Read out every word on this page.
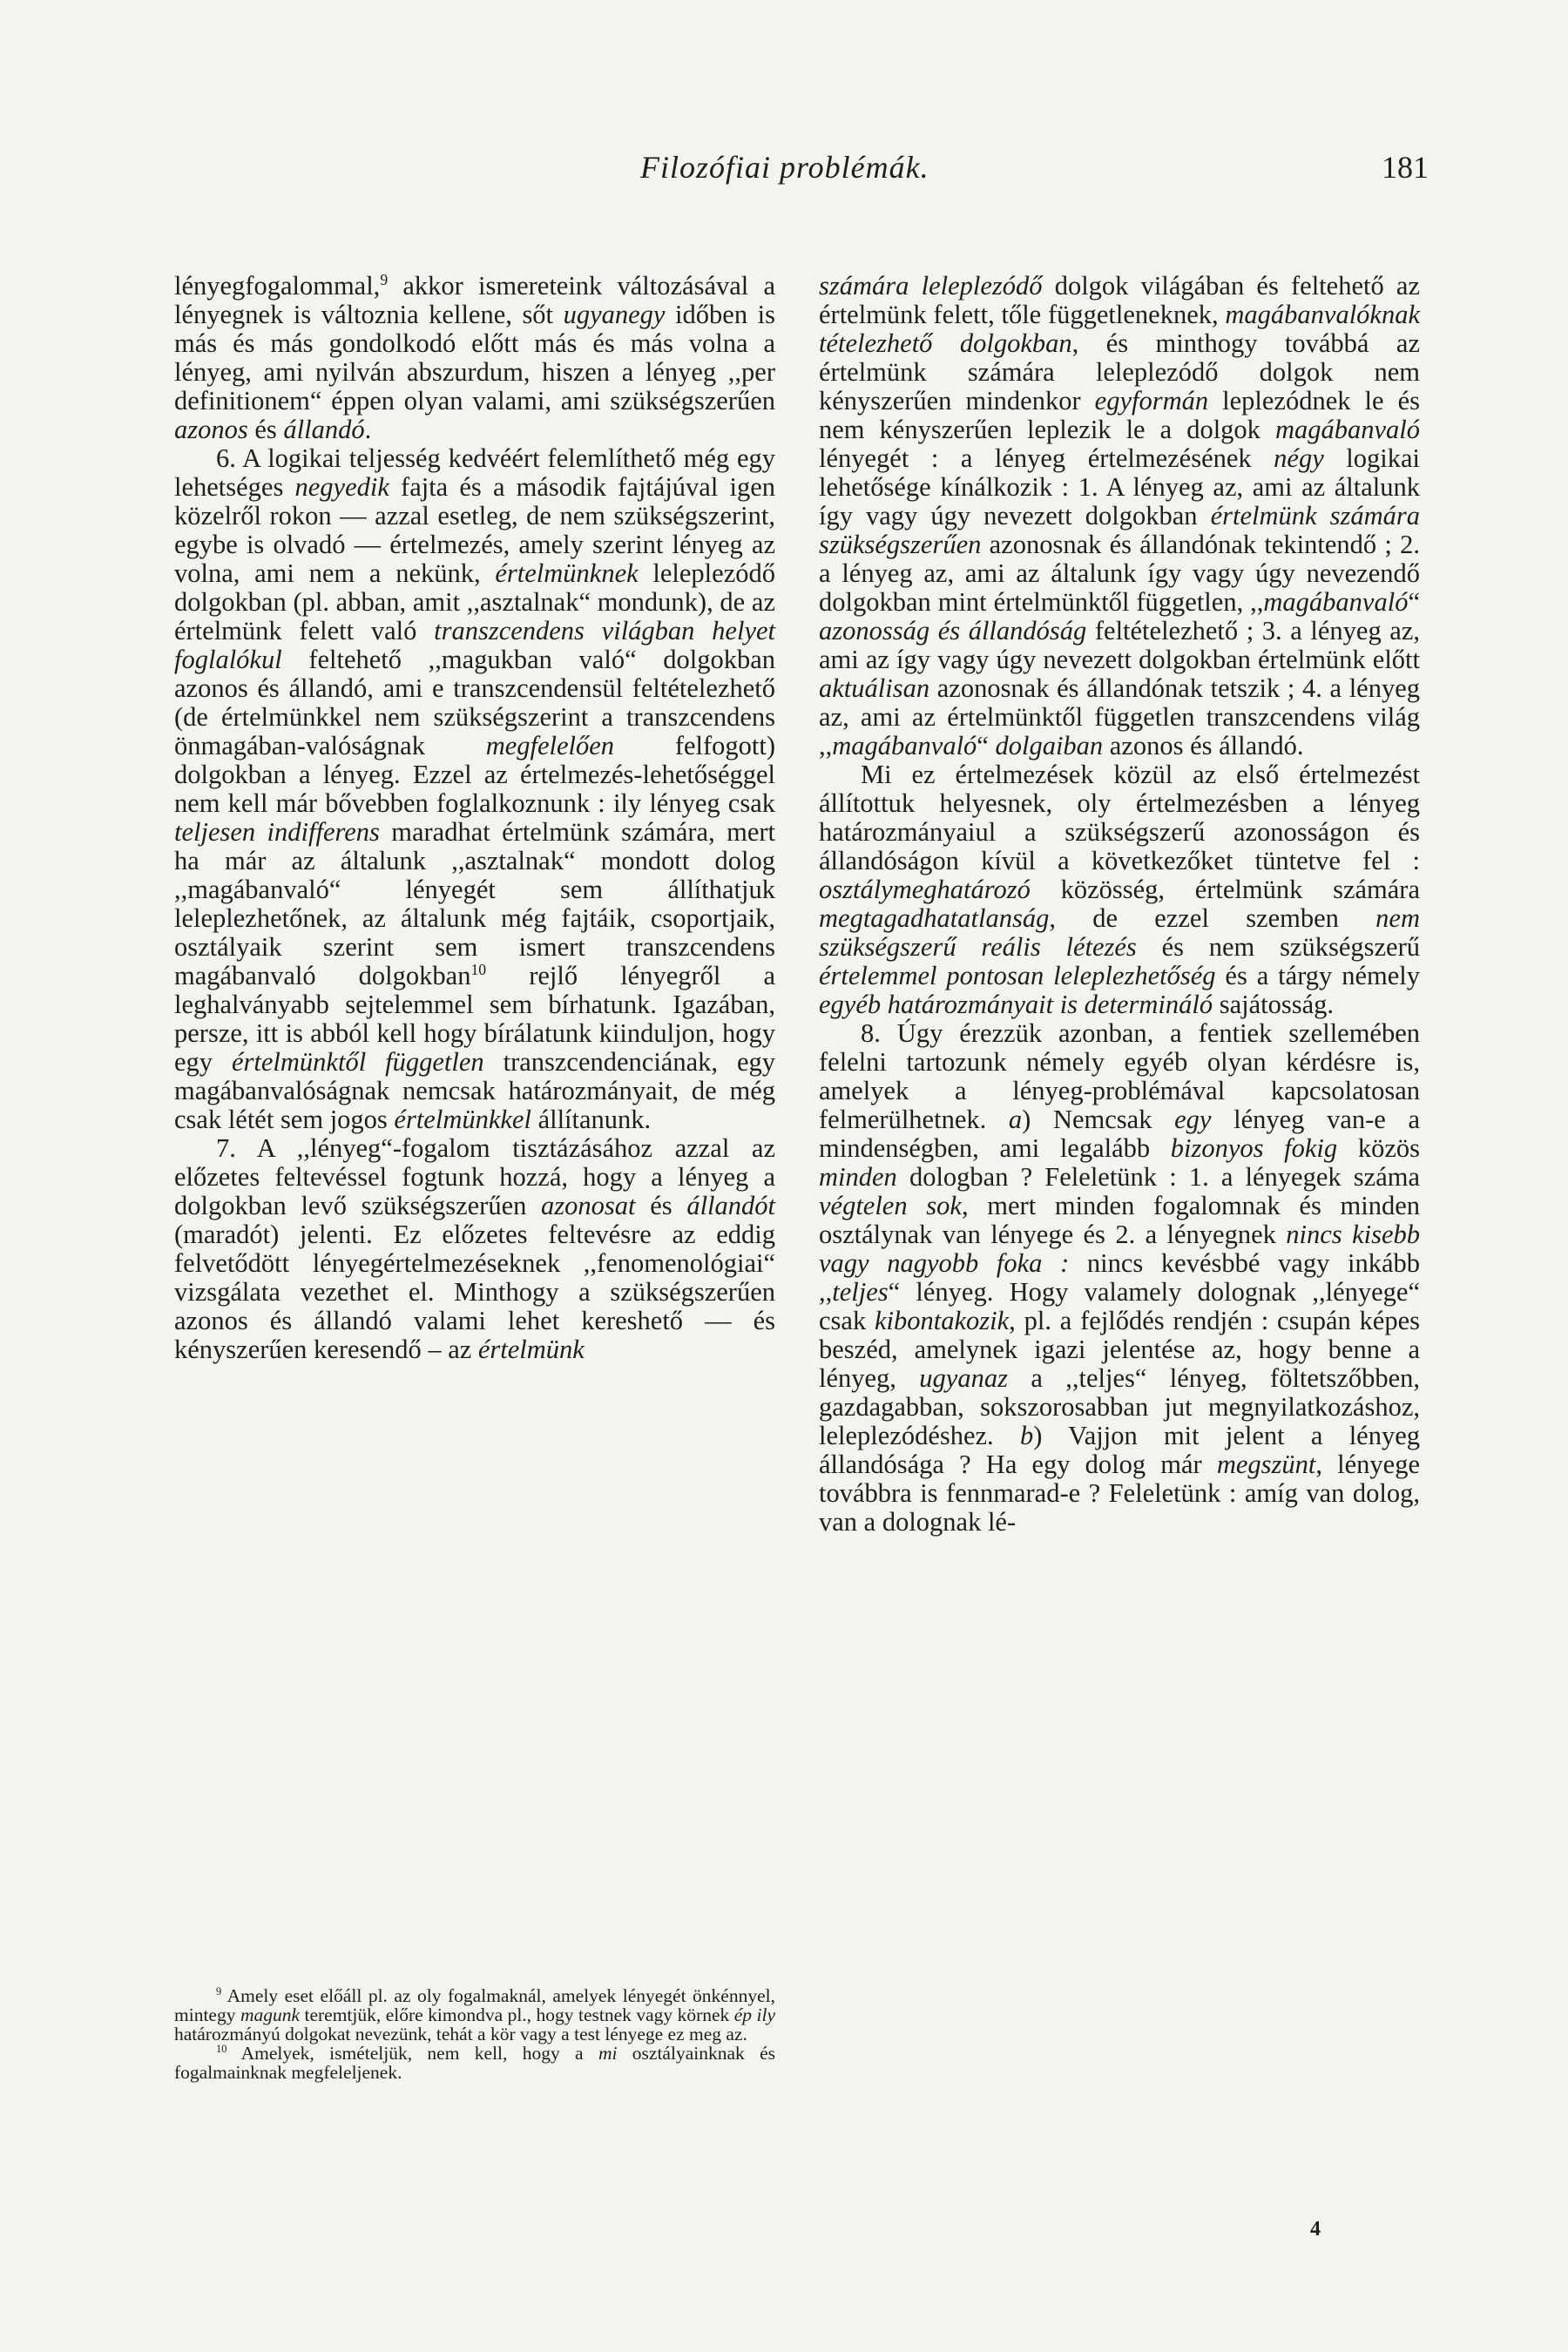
Filozófiai problémák.	181

lényegfogalommal,$^9$ akkor ismereteink változásával a lényegnek is változnia kellene, sőt ugyanegy időben is más és más gondolkodó előtt más és más volna a lényeg, ami nyilván abszurdum, hiszen a lényeg ,,per definitionem“ éppen olyan valami, ami szükségszerűen azonos és állandó.

6. A logikai teljesség kedvéért felemlíthető még egy lehetséges negyedik fajta és a második fajtájúval igen közelről rokon — azzal esetleg, de nem szükségszerint, egybe is olvadó — értelmezés, amely szerint lényeg az volna, ami nem a nekünk, értelmünknek leleplezódő dolgokban (pl. abban, amit ,,asztalnak“ mondunk), de az értelmünk felett való transzcendens világban helyet foglalókul feltehető ,,magukban való“ dolgokban azonos és állandó, ami e transzcendensül feltételezhető (de értelmünkkel nem szükségszerint a transzcendens önmagában-valóságnak megfelelően felfogott) dolgokban a lényeg. Ezzel az értelmezés-lehetőséggel nem kell már bővebben foglalkoznunk : ily lényeg csak teljesen indifferens maradhat értelmünk számára, mert ha már az általunk ,,asztalnak“ mondott dolog ,,magábanvaló“ lényegét sem állíthatjuk leleplezhetőnek, az általunk még fajtáik, csoportjaik, osztályaik szerint sem ismert transzcendens magábanvaló dolgokban$^{10}$ rejlő lényegről a leghalványabb sejtelemmel sem bírhatunk. Igazában, persze, itt is abból kell hogy bírálatunk kiindulјon, hogy egy értelmünktől független transzcendenciának, egy magábanvalóságnak nemcsak határozmányait, de még csak létét sem jogos értelmünkkel állítanunk.

7. A ,,lényeg“-fogalom tisztázásához azzal az előzetes feltevéssel fogtunk hozzá, hogy a lényeg a dolgokban levő szükségszerűen azonosat és állandót (maradót) jelenti. Ez előzetes feltevésre az eddig felvetődött lényegértelmezéseknek ,,fenomenológiai“ vizsgálata vezethet el. Minthogy a szükségszerűen azonos és állandó valami lehet kereshető — és kényszerűen keresendő – az értelmünk

$^9$ Amely eset előáll pl. az oly fogalmaknál, amelyek lényegét önkénnyel, mintegy magunk teremtjük, előre kimondva pl., hogy testnek vagy körnek ép ily határozmányú dolgokat nevezünk, tehát a kör vagy a test lényege ez meg az.

$^{10}$ Amelyek, ismételjük, nem kell, hogy a mi osztályainknak és fogalmainknak megfeleljenek.

számára leleplezódő dolgok világában és feltehető az értelmünk felett, tőle függetleneknek, magábanvalóknak tételezhető dolgokban, és minthogy továbbá az értelmünk számára leleplezódő dolgok nem kényszerűen mindenkor egyformán leplezódnek le és nem kényszerűen leplezik le a dolgok magábanvaló lényegét : a lényeg értelmezésének négy logikai lehetősége kínálkozik : 1. A lényeg az, ami az általunk így vagy úgy nevezett dolgokban értelmünk számára szükségszerűen azonosnak és állandónak tekintendő ; 2. a lényeg az, ami az általunk így vagy úgy nevezendő dolgokban mint értelmünktől független, ,,magábanvaló“ azonosság és állandóság feltételezhető ; 3. a lényeg az, ami az így vagy úgy nevezett dolgokban értelmünk előtt aktuálisan azonosnak és állandónak tetszik ; 4. a lényeg az, ami az értelmünktől független transzcendens világ ,,magábanvaló“ dolgaiban azonos és állandó.

Mi ez értelmezések közül az első értelmezést állítottuk helyesnek, oly értelmezésben a lényeg határozmányaiul a szükségszerű azonosságon és állandóságon kívül a következőket tüntetve fel : osztálymeghatározó közösség, értelmünk számára megtagadhatatlanság, de ezzel szemben nem szükségszerű reális létezés és nem szükségszerű értelemmel pontosan leleplezhetőség és a tárgy némely egyéb határozmányait is determináló sajátosság.

8. Úgy érezzük azonban, a fentiek szellemében felelni tartozunk némely egyéb olyan kérdésre is, amelyek a lényeg-problémával kapcsolatosan felmerülhetnek. a) Nemcsak egy lényeg van-e a mindenségben, ami legalább bizonyos fokig közös minden dologban ? Feleletünk : 1. a lényegek száma végtelen sok, mert minden fogalomnak és minden osztálynak van lényege és 2. a lényegnek nincs kisebb vagy nagyobb foka : nincs kevésbbé vagy inkább ,,teljes“ lényeg. Hogy valamely dolognak ,,lényege“ csak kibontakozik, pl. a fejlődés rendjén : csupán képes beszéd, amelynek igazi jelentése az, hogy benne a lényeg, ugyanaz a ,,teljes“ lényeg, föltetszőbben, gazdagabban, sokszorosabban jut megnyilatkozáshoz, leleplezódéshez. b) Vajjon mit jelent a lényeg állandósága ? Ha egy dolog már megszünt, lényege továbbra is fennmarad-e ? Feleletünk : amíg van dolog, van a dolognak lé-

4
